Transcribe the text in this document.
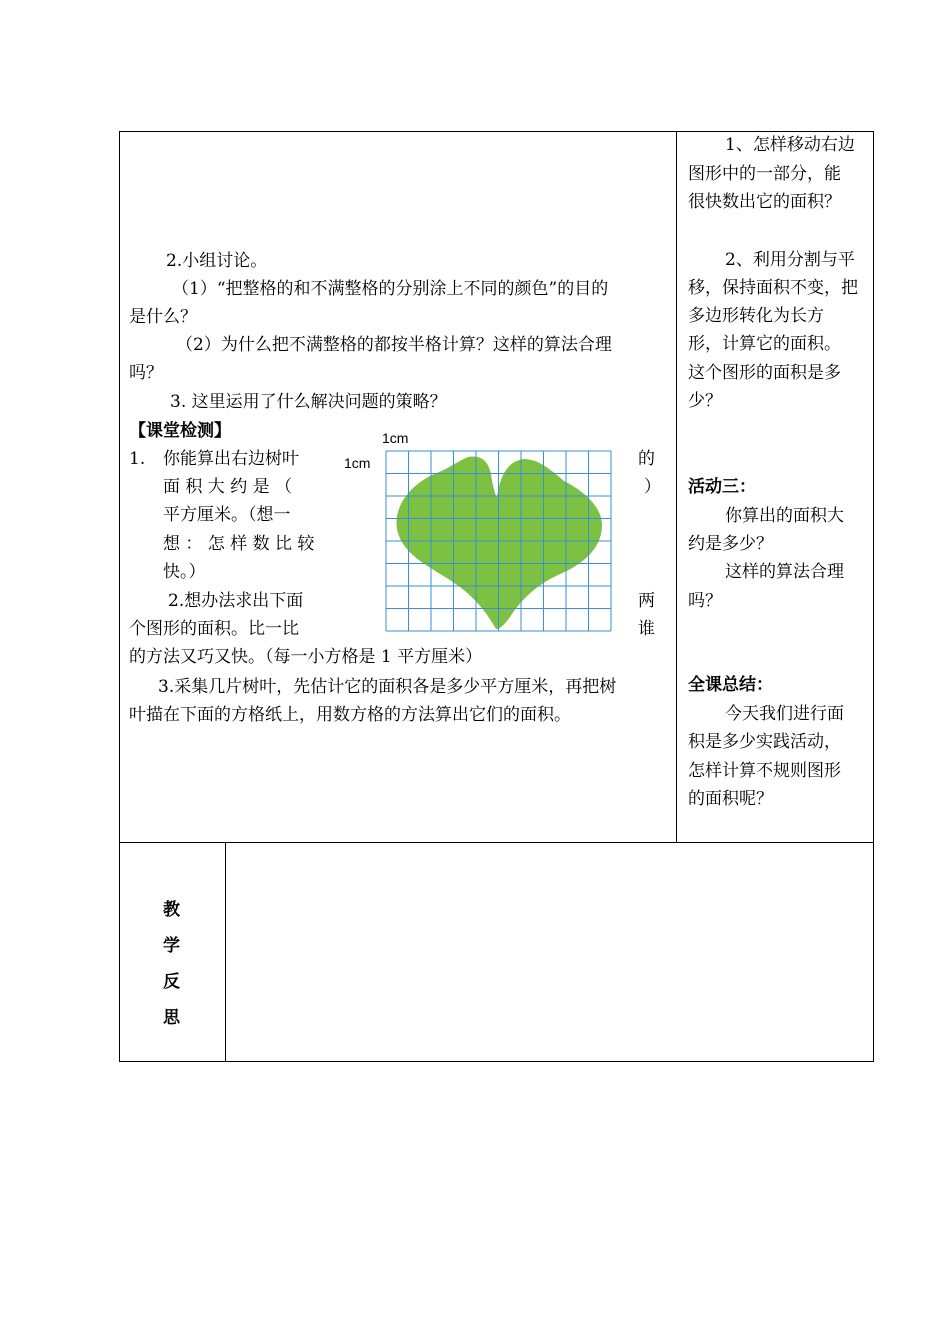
2.小组讨论。
（1）“把整格的和不满整格的分别涂上不同的颜色”的目的
是什么？
（2）为什么把不满整格的都按半格计算？这样的算法合理
吗？
3. 这里运用了什么解决问题的策略？
【课堂检测】
1. 你能算出右边树叶	的
面 积 大 约 是 （	）
平方厘米。（想一
想 ： 怎 样 数 比 较
快。）
2.想办法求出下面	两
个图形的面积。比一比	谁
的方法又巧又快。（每一小方格是 1 平方厘米）
3.采集几片树叶，先估计它的面积各是多少平方厘米，再把树
叶描在下面的方格纸上，用数方格的方法算出它们的面积。
1cm
1cm
1、怎样移动右边
图形中的一部分，能
很快数出它的面积？
2、利用分割与平
移，保持面积不变，把
多边形转化为长方
形，计算它的面积。
这个图形的面积是多
少？
活动三：
你算出的面积大
约是多少？
这样的算法合理
吗？
全课总结：
今天我们进行面
积是多少实践活动，
怎样计算不规则图形
的面积呢？
教
学
反
思
